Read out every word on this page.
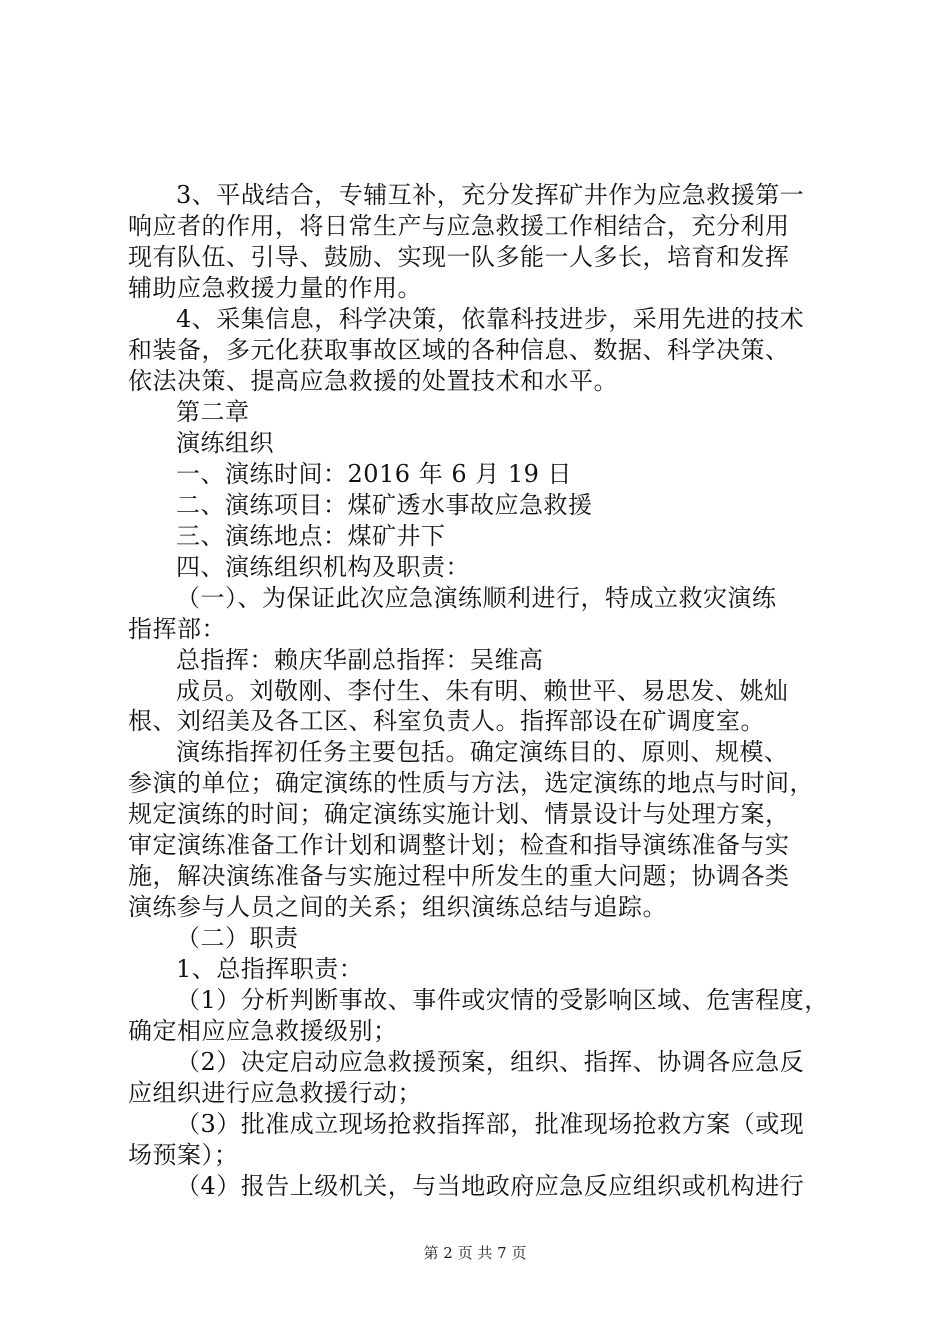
3、平战结合，专辅互补，充分发挥矿井作为应急救援第一
响应者的作用，将日常生产与应急救援工作相结合，充分利用
现有队伍、引导、鼓励、实现一队多能一人多长，培育和发挥
辅助应急救援力量的作用。
4、采集信息，科学决策，依靠科技进步，采用先进的技术
和装备，多元化获取事故区域的各种信息、数据、科学决策、
依法决策、提高应急救援的处置技术和水平。
第二章
演练组织
一、演练时间：2016 年 6 月 19 日
二、演练项目：煤矿透水事故应急救援
三、演练地点：煤矿井下
四、演练组织机构及职责：
（一）、为保证此次应急演练顺利进行，特成立救灾演练
指挥部：
总指挥：赖庆华副总指挥：吴维高
成员。刘敬刚、李付生、朱有明、赖世平、易思发、姚灿
根、刘绍美及各工区、科室负责人。指挥部设在矿调度室。
演练指挥初任务主要包括。确定演练目的、原则、规模、
参演的单位；确定演练的性质与方法，选定演练的地点与时间，
规定演练的时间；确定演练实施计划、情景设计与处理方案，
审定演练准备工作计划和调整计划；检查和指导演练准备与实
施，解决演练准备与实施过程中所发生的重大问题；协调各类
演练参与人员之间的关系；组织演练总结与追踪。
（二）职责
1、总指挥职责：
（1）分析判断事故、事件或灾情的受影响区域、危害程度，
确定相应应急救援级别；
（2）决定启动应急救援预案，组织、指挥、协调各应急反
应组织进行应急救援行动；
（3）批准成立现场抢救指挥部，批准现场抢救方案（或现
场预案）；
（4）报告上级机关，与当地政府应急反应组织或机构进行
第 2 页 共 7 页
